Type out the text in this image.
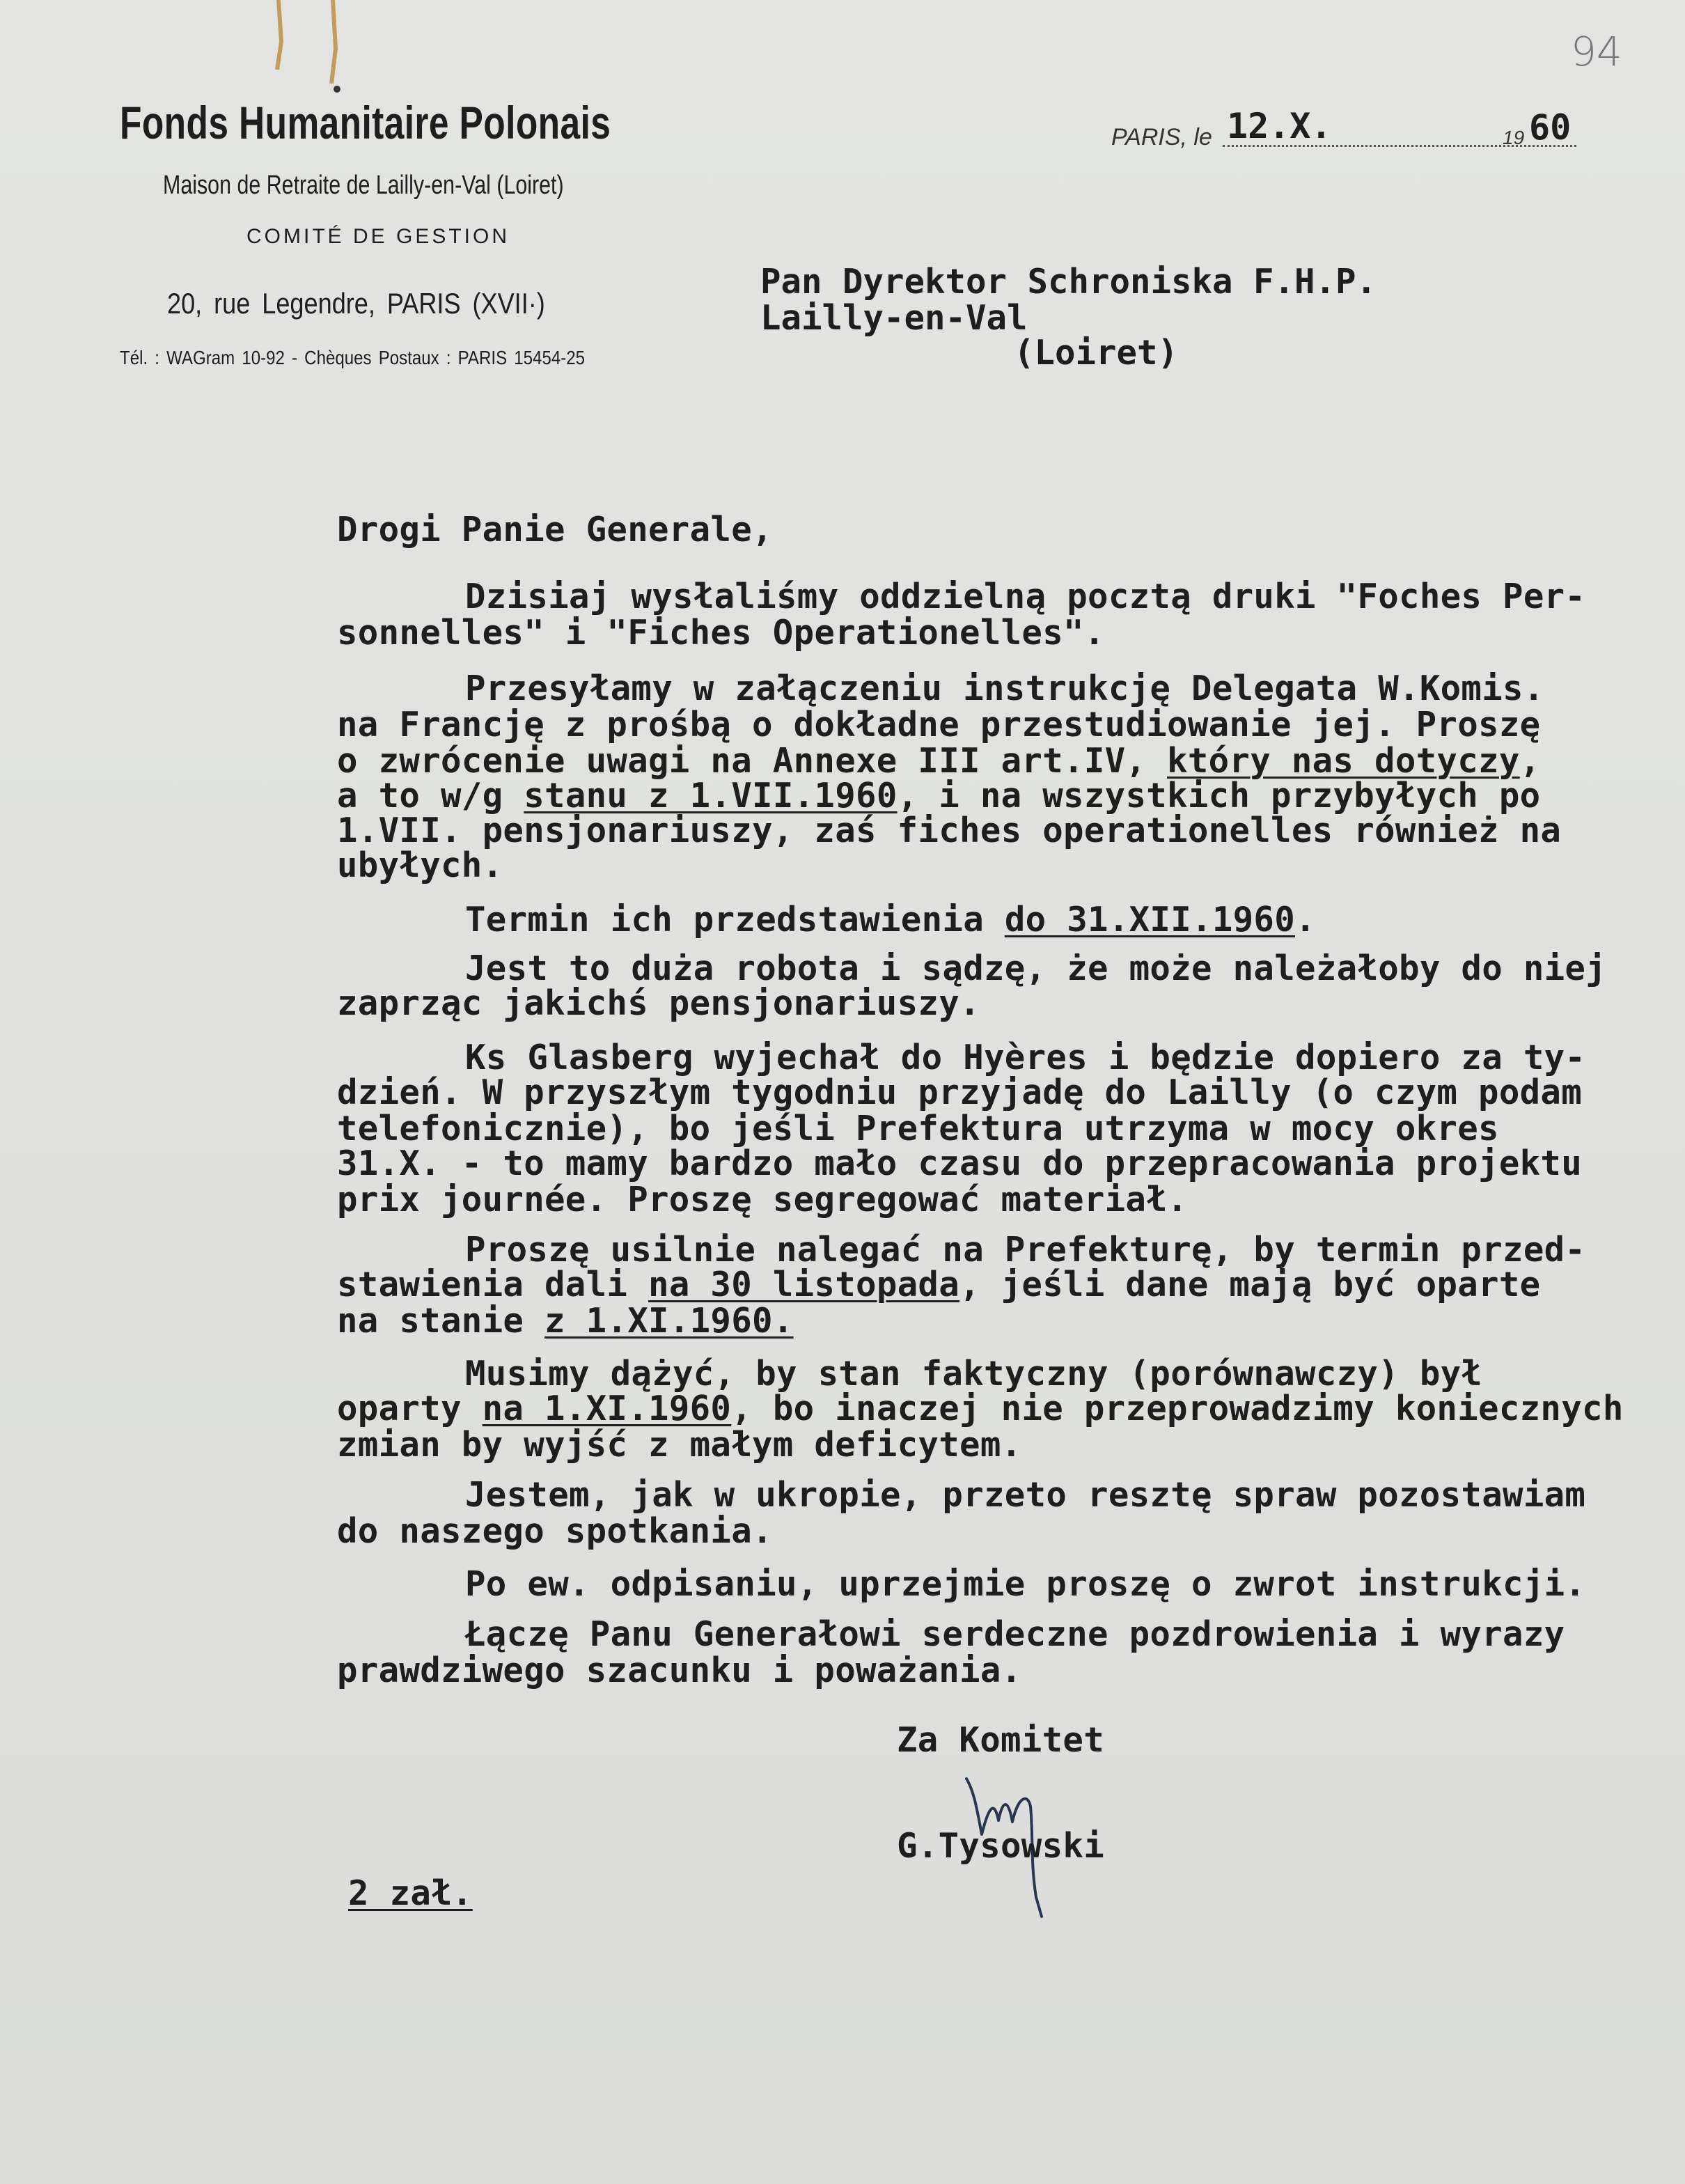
Fonds Humanitaire Polonais
Maison de Retraite de Lailly-en-Val (Loiret)
COMITÉ DE GESTION
20, rue Legendre, PARIS (XVII·)
Tél. : WAGram 10-92 - Chèques Postaux : PARIS 15454-25
94
PARIS, le 12.X.	19 60
Pan Dyrektor Schroniska F.H.P.
Lailly-en-Val
(Loiret)
Drogi Panie Generale,
Dzisiaj wysłaliśmy oddzielną pocztą druki "Foches Per-
sonnelles" i "Fiches Operationelles".
Przesyłamy w załączeniu instrukcję Delegata W.Komis.
na Francję z prośbą o dokładne przestudiowanie jej. Proszę
o zwrócenie uwagi na Annexe III art.IV, który nas dotyczy,
a to w/g stanu z 1.VII.1960, i na wszystkich przybyłych po
1.VII. pensjonariuszy, zaś fiches operationelles również na
ubyłych.
Termin ich przedstawienia do 31.XII.1960.
Jest to duża robota i sądzę, że może należałoby do niej
zaprząc jakichś pensjonariuszy.
Ks Glasberg wyjechał do Hyères i będzie dopiero za ty-
dzień. W przyszłym tygodniu przyjadę do Lailly (o czym podam
telefonicznie), bo jeśli Prefektura utrzyma w mocy okres
31.X. - to mamy bardzo mało czasu do przepracowania projektu
prix journée. Proszę segregować materiał.
Proszę usilnie nalegać na Prefekturę, by termin przed-
stawienia dali na 30 listopada, jeśli dane mają być oparte
na stanie z 1.XI.1960.
Musimy dążyć, by stan faktyczny (porównawczy) był
oparty na 1.XI.1960, bo inaczej nie przeprowadzimy koniecznych
zmian by wyjść z małym deficytem.
Jestem, jak w ukropie, przeto resztę spraw pozostawiam
do naszego spotkania.
Po ew. odpisaniu, uprzejmie proszę o zwrot instrukcji.
Łączę Panu Generałowi serdeczne pozdrowienia i wyrazy
prawdziwego szacunku i poważania.
Za Komitet
G.Tysowski
2 zał.
